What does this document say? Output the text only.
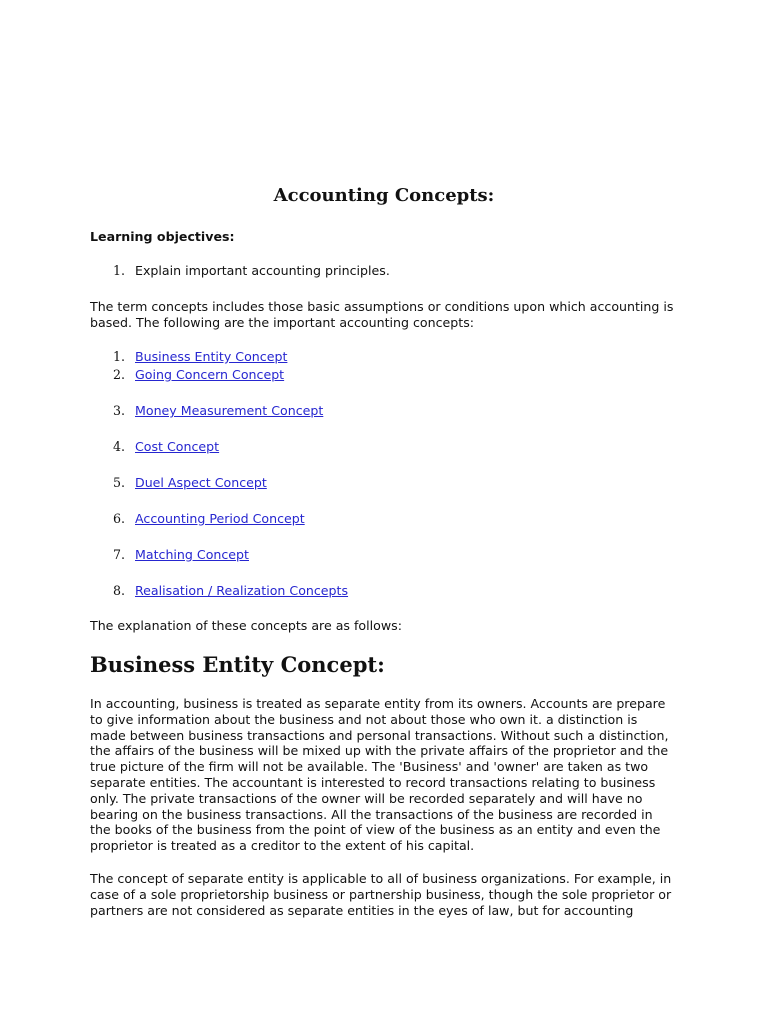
Accounting Concepts:

Learning objectives:

1. Explain important accounting principles.

The term concepts includes those basic assumptions or conditions upon which accounting is
based. The following are the important accounting concepts:

1. Business Entity Concept
2. Going Concern Concept
3. Money Measurement Concept
4. Cost Concept
5. Duel Aspect Concept
6. Accounting Period Concept
7. Matching Concept
8. Realisation / Realization Concepts

The explanation of these concepts are as follows:

Business Entity Concept:

In accounting, business is treated as separate entity from its owners. Accounts are prepare
to give information about the business and not about those who own it. a distinction is
made between business transactions and personal transactions. Without such a distinction,
the affairs of the business will be mixed up with the private affairs of the proprietor and the
true picture of the firm will not be available. The 'Business' and 'owner' are taken as two
separate entities. The accountant is interested to record transactions relating to business
only. The private transactions of the owner will be recorded separately and will have no
bearing on the business transactions. All the transactions of the business are recorded in
the books of the business from the point of view of the business as an entity and even the
proprietor is treated as a creditor to the extent of his capital.

The concept of separate entity is applicable to all of business organizations. For example, in
case of a sole proprietorship business or partnership business, though the sole proprietor or
partners are not considered as separate entities in the eyes of law, but for accounting
